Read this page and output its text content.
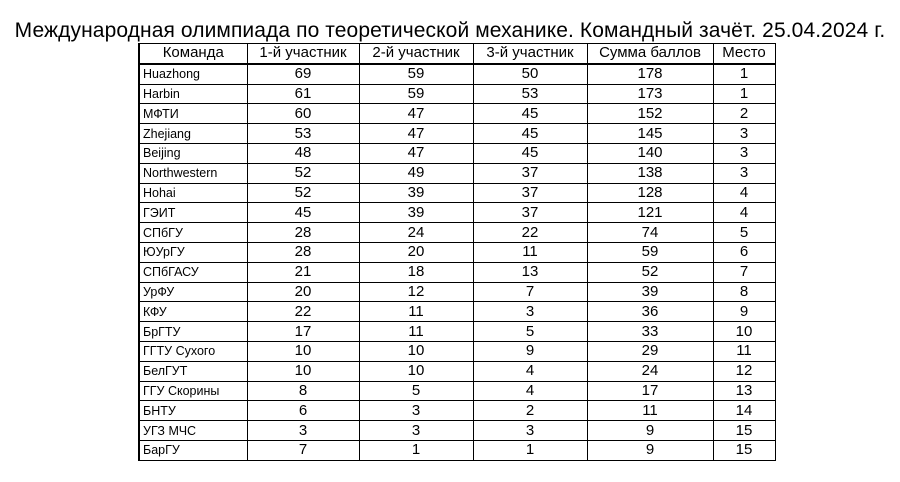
Международная олимпиада по теоретической механике. Командный зачёт. 25.04.2024 г.
Команда	1-й участник	2-й участник	3-й участник	Сумма баллов	Место
Huazhong	69	59	50	178	1
Harbin	61	59	53	173	1
МФТИ	60	47	45	152	2
Zhejiang	53	47	45	145	3
Beijing	48	47	45	140	3
Northwestern	52	49	37	138	3
Hohai	52	39	37	128	4
ГЭИТ	45	39	37	121	4
СПбГУ	28	24	22	74	5
ЮУрГУ	28	20	11	59	6
СПбГАСУ	21	18	13	52	7
УрФУ	20	12	7	39	8
КФУ	22	11	3	36	9
БрГТУ	17	11	5	33	10
ГГТУ Сухого	10	10	9	29	11
БелГУТ	10	10	4	24	12
ГГУ Скорины	8	5	4	17	13
БНТУ	6	3	2	11	14
УГЗ МЧС	3	3	3	9	15
БарГУ	7	1	1	9	15
